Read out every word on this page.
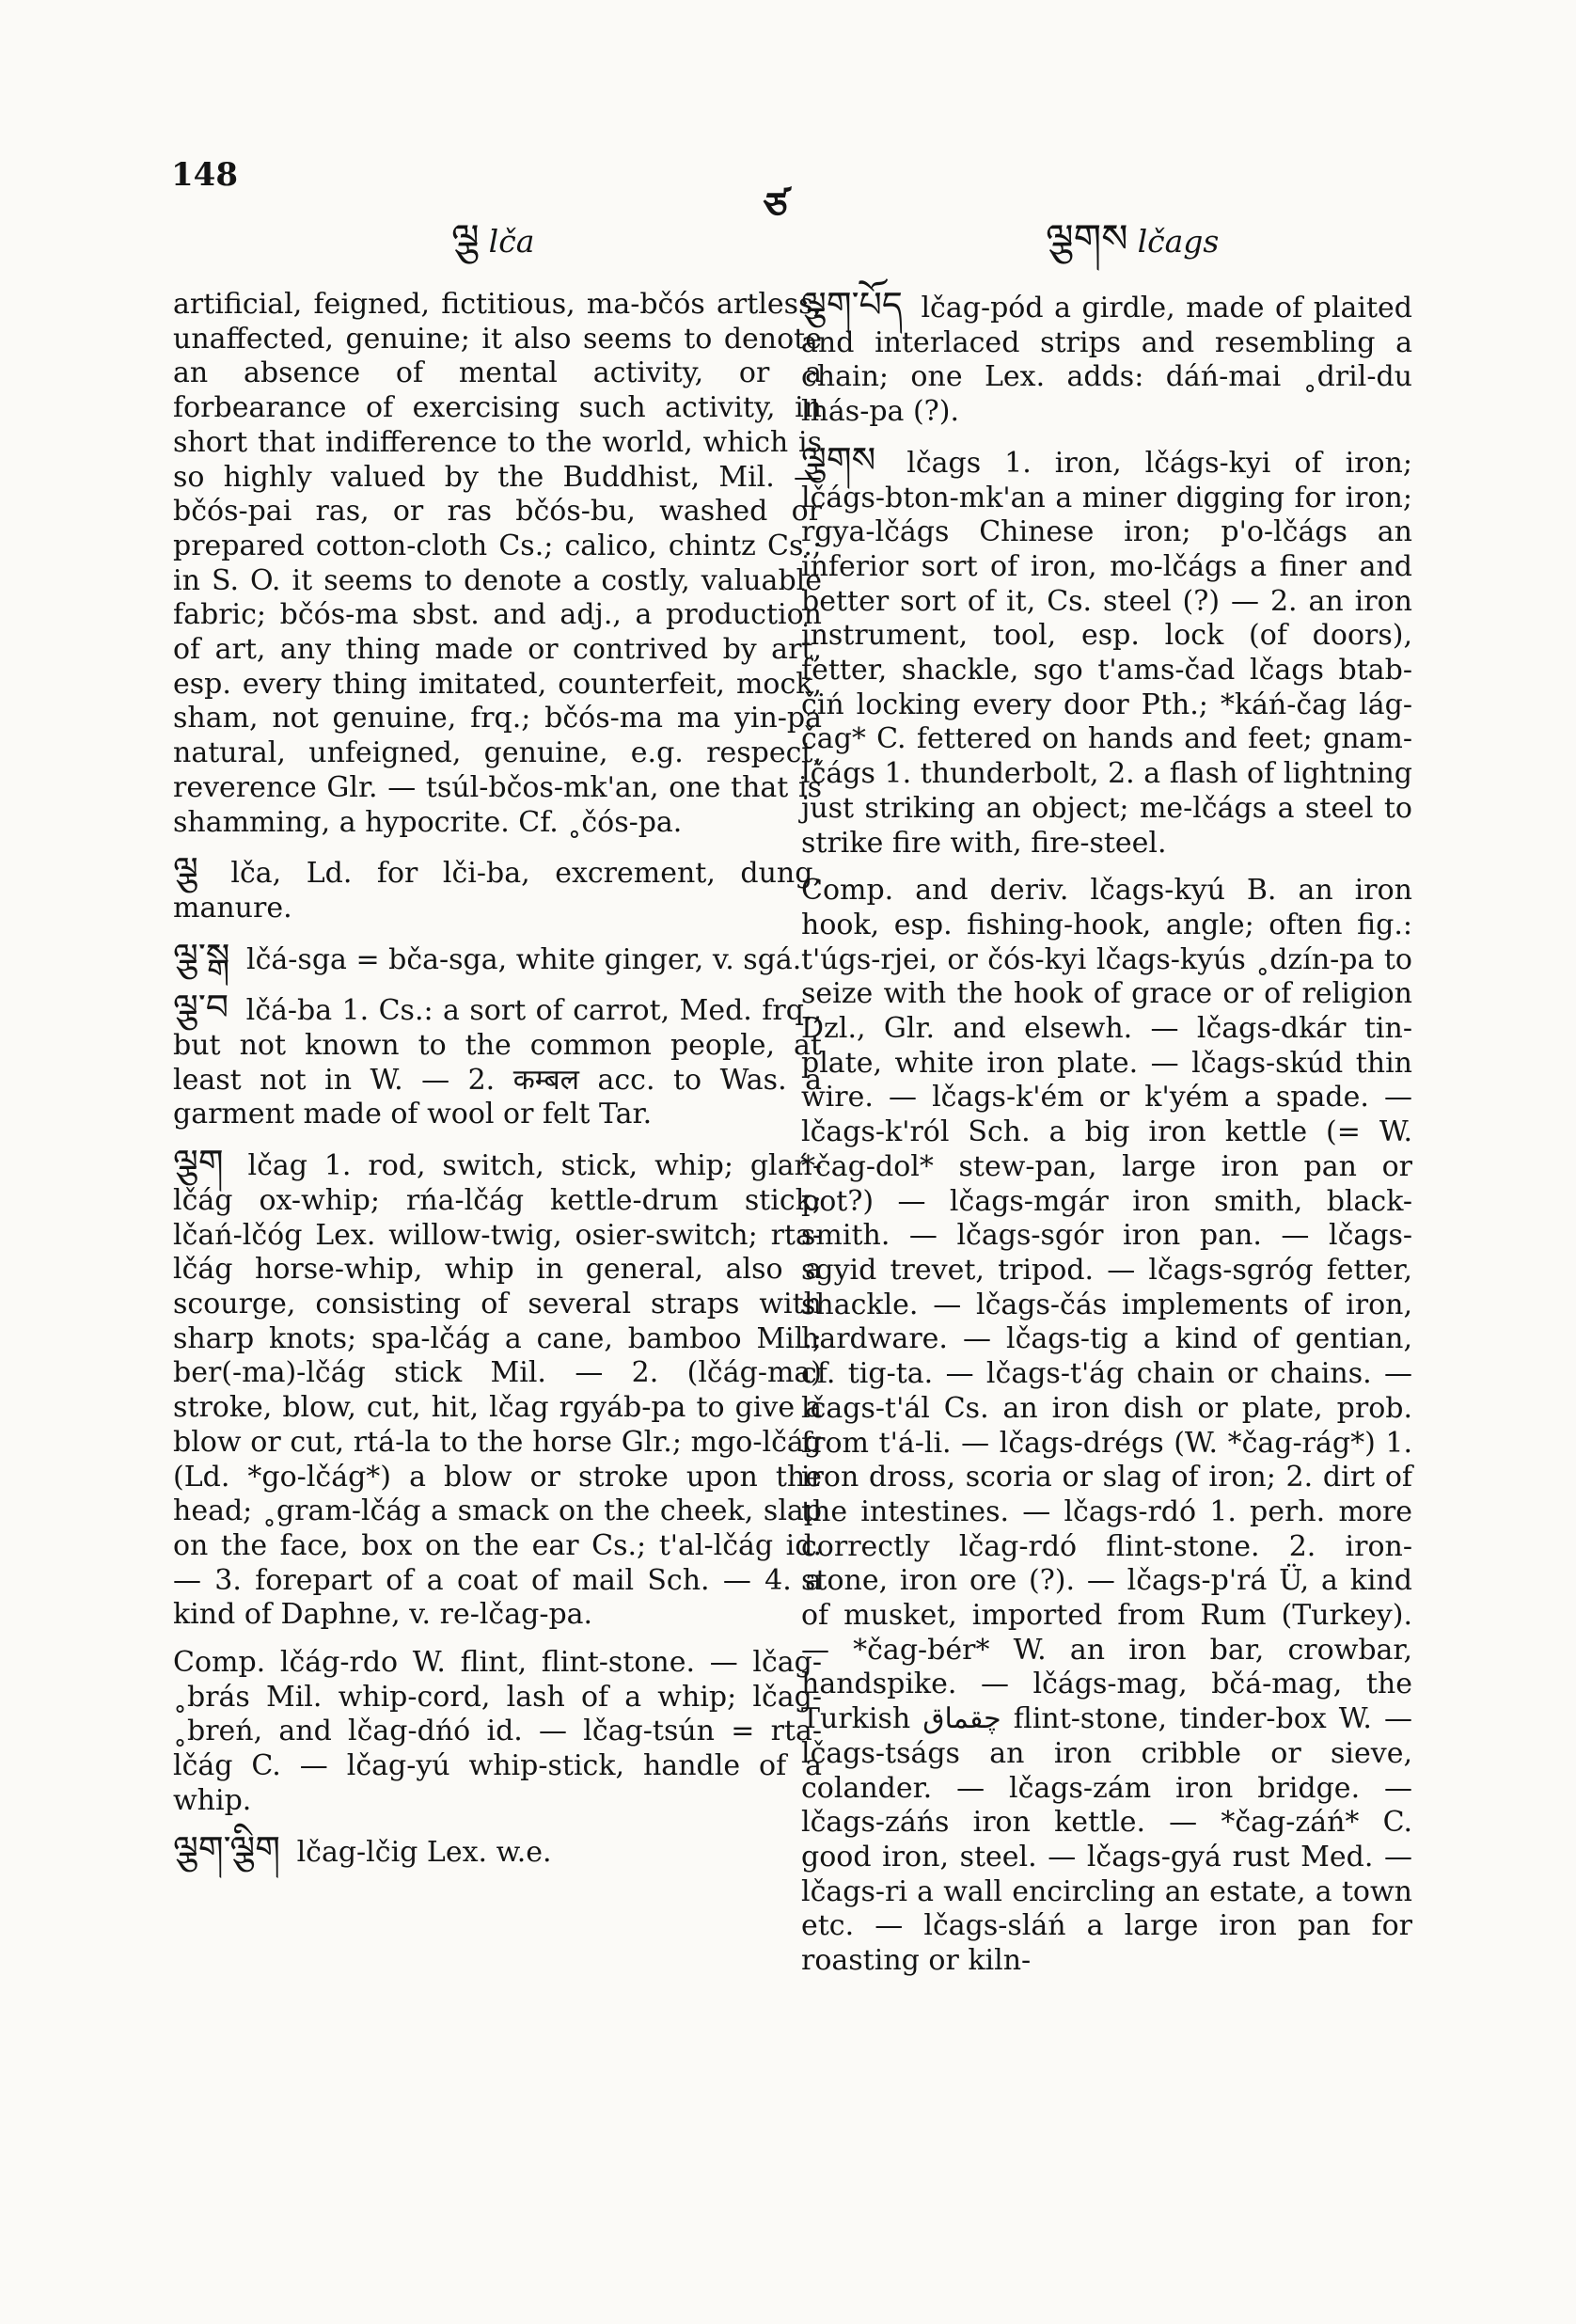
148
ཙ
ལྕ lča	ལྕགས lčags

artificial, feigned, fictitious, ma-bčós artless, unaffected, genuine; it also seems to denote an absence of mental activity, or a forbearance of exercising such activity, in short that indifference to the world, which is so highly valued by the Buddhist, Mil. — bčós-pai ras, or ras bčós-bu, washed or prepared cotton-cloth Cs.; calico, chintz Cs.; in S. O. it seems to denote a costly, valuable fabric; bčós-ma sbst. and adj., a production of art, any thing made or contrived by art, esp. every thing imitated, counterfeit, mock, sham, not genuine, frq.; bčós-ma ma yin-pa natural, unfeigned, genuine, e.g. respect, reverence Glr. — tsúl-bčos-mk'an, one that is shamming, a hypocrite. Cf. ˳čós-pa.

ལྕ lča, Ld. for lči-ba, excrement, dung, manure.

ལྕ་སྒ lčá-sga = bča-sga, white ginger, v. sgá.

ལྕ་བ lčá-ba 1. Cs.: a sort of carrot, Med. frq., but not known to the common people, at least not in W. — 2. कम्बल acc. to Was. a garment made of wool or felt Tar.

ལྕག lčag 1. rod, switch, stick, whip; glań-lčág ox-whip; rńa-lčág kettle-drum stick; lčań-lčóg Lex. willow-twig, osier-switch; rta-lčág horse-whip, whip in general, also a scourge, consisting of several straps with sharp knots; spa-lčág a cane, bamboo Mil.; ber(-ma)-lčág stick Mil. — 2. (lčág-ma) stroke, blow, cut, hit, lčag rgyáb-pa to give a blow or cut, rtá-la to the horse Glr.; mgo-lčág (Ld. *go-lčág*) a blow or stroke upon the head; ˳gram-lčág a smack on the cheek, slap on the face, box on the ear Cs.; t'al-lčág id. — 3. forepart of a coat of mail Sch. — 4. a kind of Daphne, v. re-lčag-pa.

Comp. lčág-rdo W. flint, flint-stone. — lčag-˳brás Mil. whip-cord, lash of a whip; lčag-˳breń, and lčag-dńó id. — lčag-tsún = rta-lčág C. — lčag-yú whip-stick, handle of a whip.

ལྕག་ལྕིག lčag-lčig Lex. w.e.

ལྕག་པོད lčag-pód a girdle, made of plaited and interlaced strips and resembling a chain; one Lex. adds: dáń-mai ˳dril-du lhás-pa (?).

ལྕགས lčags 1. iron, lčágs-kyi of iron; lčágs-bton-mk'an a miner digging for iron; rgya-lčágs Chinese iron; p'o-lčágs an inferior sort of iron, mo-lčágs a finer and better sort of it, Cs. steel (?) — 2. an iron instrument, tool, esp. lock (of doors), fetter, shackle, sgo t'ams-čad lčags btab-čiń locking every door Pth.; *káń-čag lág-čag* C. fettered on hands and feet; gnam-lčágs 1. thunderbolt, 2. a flash of lightning just striking an object; me-lčágs a steel to strike fire with, fire-steel.

Comp. and deriv. lčags-kyú B. an iron hook, esp. fishing-hook, angle; often fig.: t'úgs-rjei, or čós-kyi lčags-kyús ˳dzín-pa to seize with the hook of grace or of religion Dzl., Glr. and elsewh. — lčags-dkár tin-plate, white iron plate. — lčags-skúd thin wire. — lčags-k'ém or k'yém a spade. — lčags-k'ról Sch. a big iron kettle (= W. *čag-dol* stew-pan, large iron pan or pot?) — lčags-mgár iron smith, black-smith. — lčags-sgór iron pan. — lčags-sgyid trevet, tripod. — lčags-sgróg fetter, shackle. — lčags-čás implements of iron, hardware. — lčags-tig a kind of gentian, cf. tig-ta. — lčags-t'ág chain or chains. — lčags-t'ál Cs. an iron dish or plate, prob. from t'á-li. — lčags-drégs (W. *čag-rág*) 1. iron dross, scoria or slag of iron; 2. dirt of the intestines. — lčags-rdó 1. perh. more correctly lčag-rdó flint-stone. 2. iron-stone, iron ore (?). — lčags-p'rá Ü, a kind of musket, imported from Rum (Turkey). — *čag-bér* W. an iron bar, crowbar, handspike. — lčágs-mag, bčá-mag, the Turkish چقماق flint-stone, tinder-box W. — lčags-tságs an iron cribble or sieve, colander. — lčags-zám iron bridge. — lčags-záńs iron kettle. — *čag-záń* C. good iron, steel. — lčags-gyá rust Med. — lčags-ri a wall encircling an estate, a town etc. — lčags-sláń a large iron pan for roasting or kiln-
